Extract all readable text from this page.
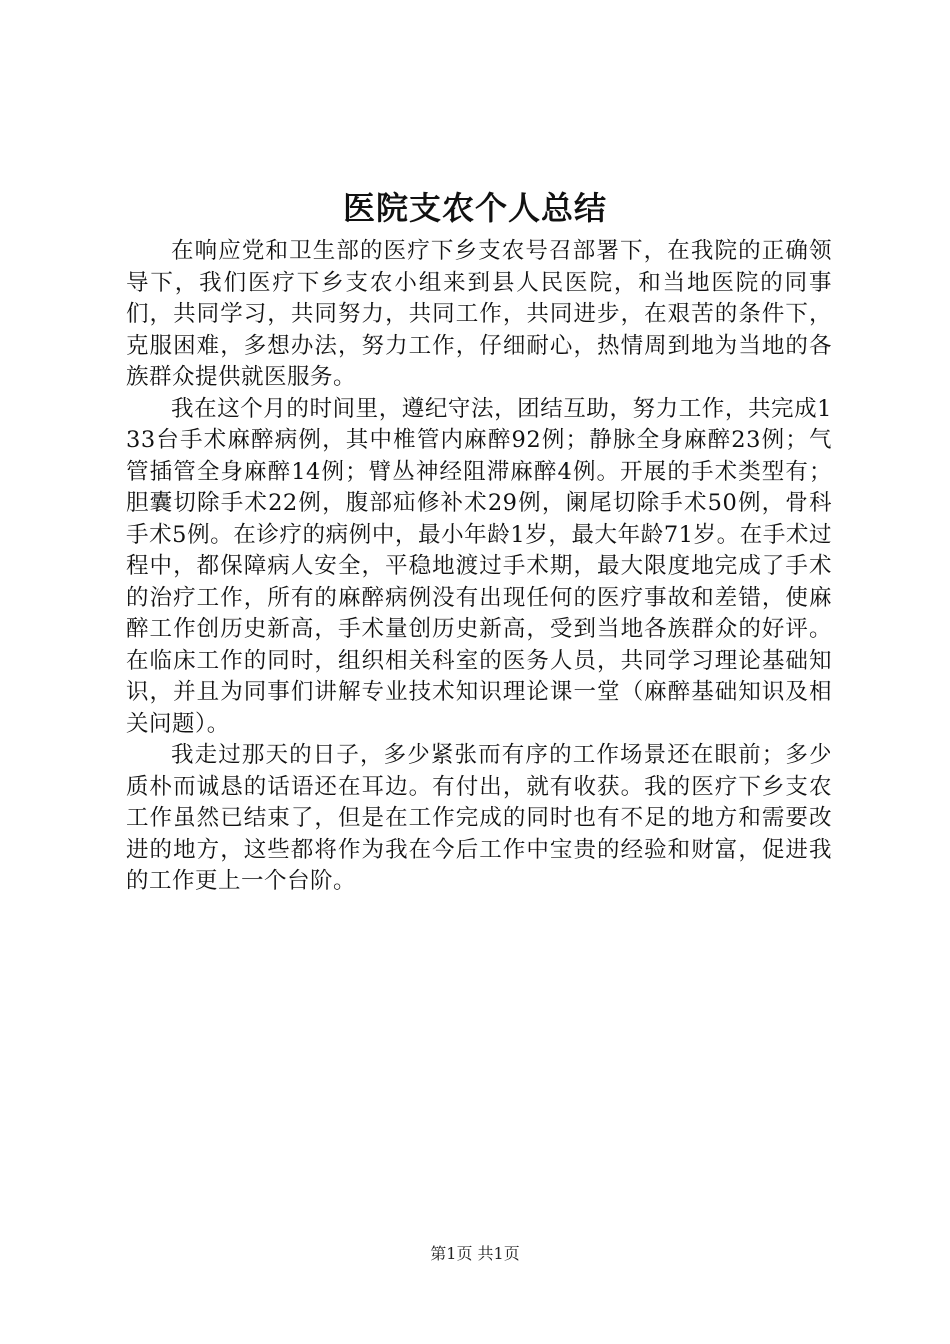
医院支农个人总结

在响应党和卫生部的医疗下乡支农号召部署下，在我院的正确领导下，我们医疗下乡支农小组来到县人民医院，和当地医院的同事们，共同学习，共同努力，共同工作，共同进步，在艰苦的条件下，克服困难，多想办法，努力工作，仔细耐心，热情周到地为当地的各族群众提供就医服务。

我在这个月的时间里，遵纪守法，团结互助，努力工作，共完成133台手术麻醉病例，其中椎管内麻醉92例；静脉全身麻醉23例；气管插管全身麻醉14例；臂丛神经阻滞麻醉4例。开展的手术类型有；胆囊切除手术22例，腹部疝修补术29例，阑尾切除手术50例，骨科手术5例。在诊疗的病例中，最小年龄1岁，最大年龄71岁。在手术过程中，都保障病人安全，平稳地渡过手术期，最大限度地完成了手术的治疗工作，所有的麻醉病例没有出现任何的医疗事故和差错，使麻醉工作创历史新高，手术量创历史新高，受到当地各族群众的好评。在临床工作的同时，组织相关科室的医务人员，共同学习理论基础知识，并且为同事们讲解专业技术知识理论课一堂（麻醉基础知识及相关问题）。

我走过那天的日子，多少紧张而有序的工作场景还在眼前；多少质朴而诚恳的话语还在耳边。有付出，就有收获。我的医疗下乡支农工作虽然已结束了，但是在工作完成的同时也有不足的地方和需要改进的地方，这些都将作为我在今后工作中宝贵的经验和财富，促进我的工作更上一个台阶。

第1页 共1页
